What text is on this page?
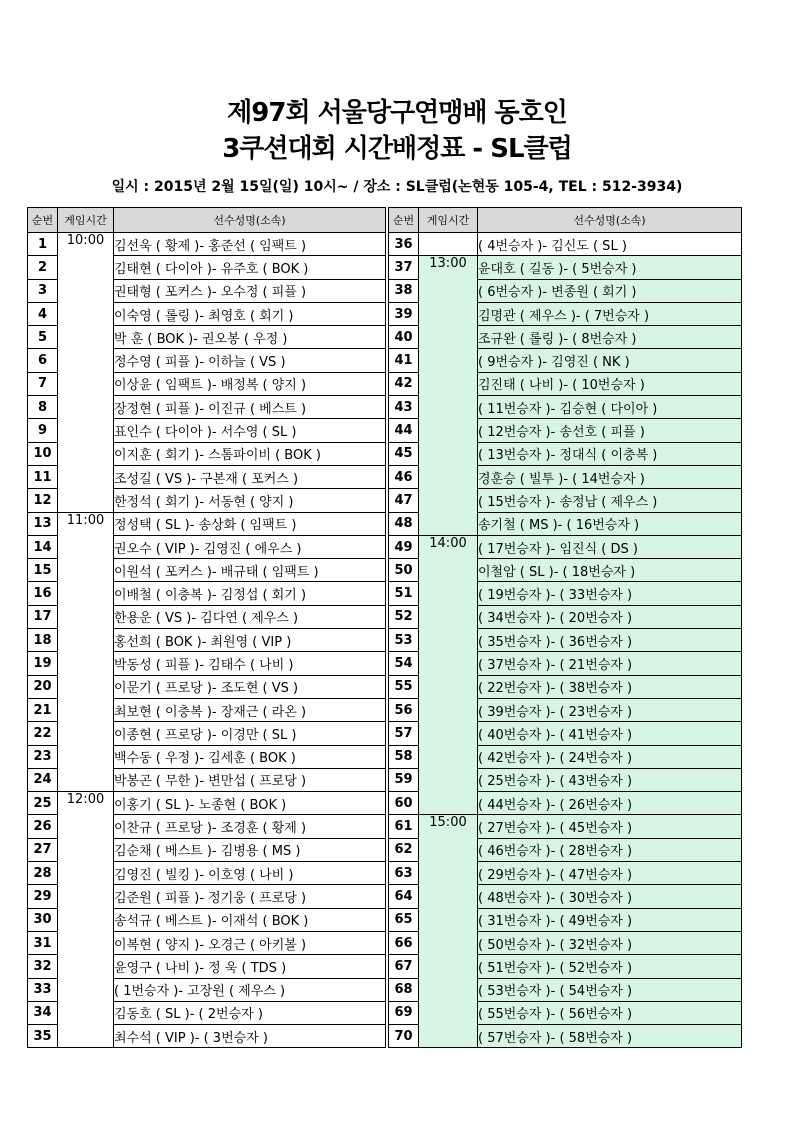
제97회 서울당구연맹배 동호인
3쿠션대회 시간배정표 - SL클럽
일시 : 2015년 2월 15일(일) 10시~ / 장소 : SL클럽(논현동 105-4, TEL : 512-3934)
순번	게임시간	선수성명(소속)
1	10:00	김선욱 ( 황제 )- 홍준선 ( 임팩트 )
2		김태현 ( 다이아 )- 유주호 ( BOK )
3		권태형 ( 포커스 )- 오수정 ( 피플 )
4		이숙영 ( 롤링 )- 최영호 ( 회기 )
5		박 훈 ( BOK )- 권오봉 ( 우정 )
6		정수영 ( 피플 )- 이하늘 ( VS )
7		이상윤 ( 임팩트 )- 배정복 ( 양지 )
8		장정현 ( 피플 )- 이진규 ( 베스트 )
9		표인수 ( 다이아 )- 서수영 ( SL )
10		이지훈 ( 회기 )- 스톰파이비 ( BOK )
11		조성길 ( VS )- 구본재 ( 포커스 )
12		한정석 ( 회기 )- 서동현 ( 양지 )
13	11:00	정성택 ( SL )- 송상화 ( 임팩트 )
14		권오수 ( VIP )- 김영진 ( 에우스 )
15		이원석 ( 포커스 )- 배규태 ( 임팩트 )
16		이배철 ( 이충복 )- 김정섭 ( 회기 )
17		한용운 ( VS )- 김다연 ( 제우스 )
18		홍선희 ( BOK )- 최원영 ( VIP )
19		박동성 ( 피플 )- 김태수 ( 나비 )
20		이문기 ( 프로당 )- 조도현 ( VS )
21		최보현 ( 이충복 )- 장재근 ( 라온 )
22		이종현 ( 프로당 )- 이경만 ( SL )
23		백수동 ( 우정 )- 김세훈 ( BOK )
24		박봉곤 ( 무한 )- 변만섭 ( 프로당 )
25	12:00	이홍기 ( SL )- 노종현 ( BOK )
26		이찬규 ( 프로당 )- 조경훈 ( 황제 )
27		김순채 ( 베스트 )- 김병용 ( MS )
28		김영진 ( 빌킹 )- 이호영 ( 나비 )
29		김준원 ( 피플 )- 정기웅 ( 프로당 )
30		송석규 ( 베스트 )- 이재석 ( BOK )
31		이복현 ( 양지 )- 오경근 ( 아키볼 )
32		윤영구 ( 나비 )- 정 욱 ( TDS )
33		( 1번승자 )- 고장원 ( 제우스 )
34		김동호 ( SL )- ( 2번승자 )
35		최수석 ( VIP )- ( 3번승자 )
순번	게임시간	선수성명(소속)
36		( 4번승자 )- 김신도 ( SL )
37	13:00	윤대호 ( 길동 )- ( 5번승자 )
38		( 6번승자 )- 변종원 ( 회기 )
39		김명관 ( 제우스 )- ( 7번승자 )
40		조규완 ( 롤링 )- ( 8번승자 )
41		( 9번승자 )- 김영진 ( NK )
42		김진태 ( 나비 )- ( 10번승자 )
43		( 11번승자 )- 김승현 ( 다이아 )
44		( 12번승자 )- 송선호 ( 피플 )
45		( 13번승자 )- 정대식 ( 이충복 )
46		경훈승 ( 빌투 )- ( 14번승자 )
47		( 15번승자 )- 송정남 ( 제우스 )
48		송기철 ( MS )- ( 16번승자 )
49	14:00	( 17번승자 )- 임진식 ( DS )
50		이철암 ( SL )- ( 18번승자 )
51		( 19번승자 )- ( 33번승자 )
52		( 34번승자 )- ( 20번승자 )
53		( 35번승자 )- ( 36번승자 )
54		( 37번승자 )- ( 21번승자 )
55		( 22번승자 )- ( 38번승자 )
56		( 39번승자 )- ( 23번승자 )
57		( 40번승자 )- ( 41번승자 )
58		( 42번승자 )- ( 24번승자 )
59		( 25번승자 )- ( 43번승자 )
60		( 44번승자 )- ( 26번승자 )
61	15:00	( 27번승자 )- ( 45번승자 )
62		( 46번승자 )- ( 28번승자 )
63		( 29번승자 )- ( 47번승자 )
64		( 48번승자 )- ( 30번승자 )
65		( 31번승자 )- ( 49번승자 )
66		( 50번승자 )- ( 32번승자 )
67		( 51번승자 )- ( 52번승자 )
68		( 53번승자 )- ( 54번승자 )
69		( 55번승자 )- ( 56번승자 )
70		( 57번승자 )- ( 58번승자 )
